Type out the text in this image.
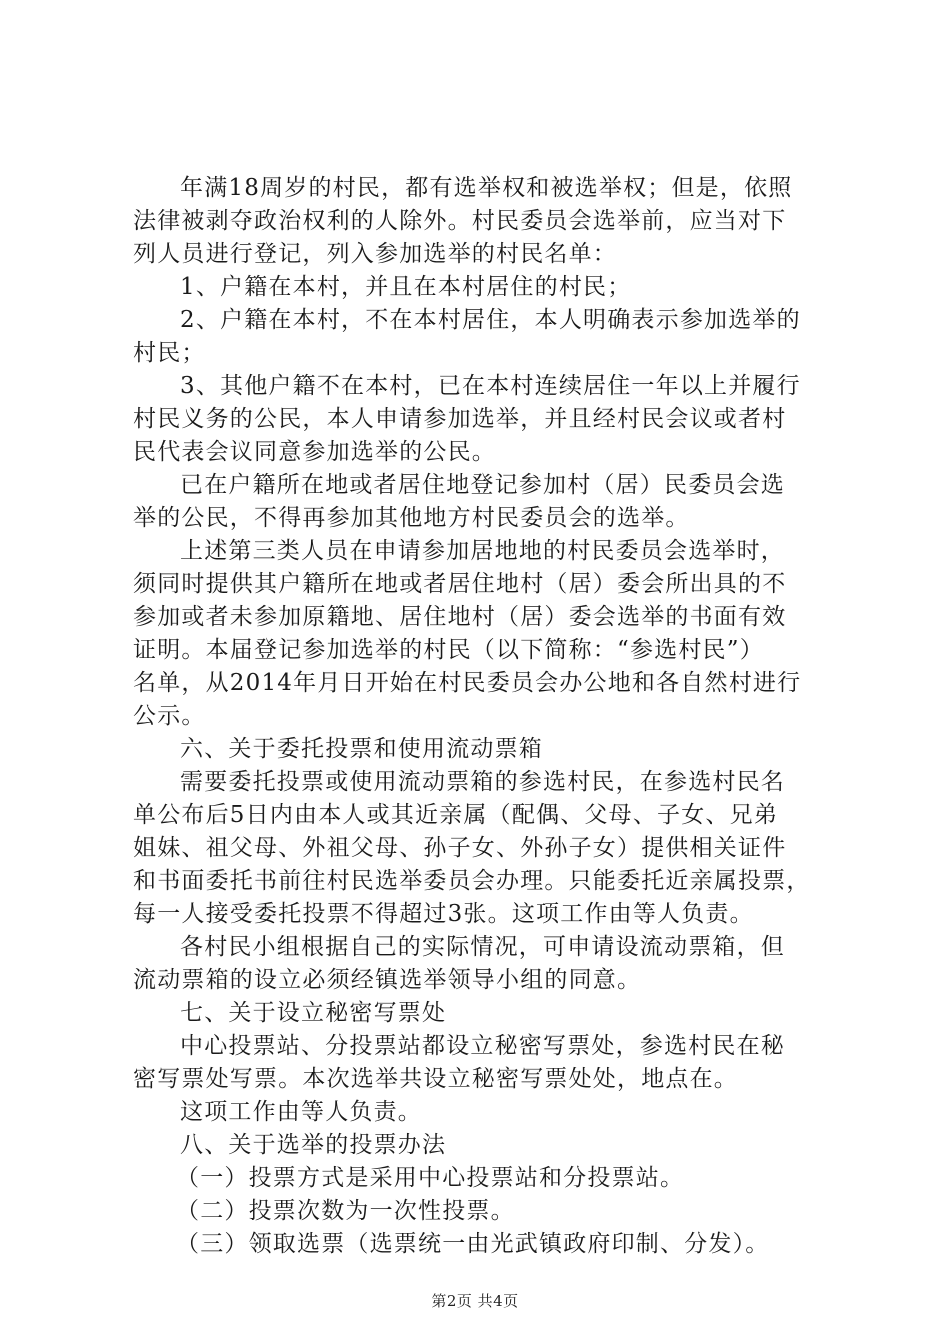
年满18周岁的村民，都有选举权和被选举权；但是，依照
法律被剥夺政治权利的人除外。村民委员会选举前，应当对下
列人员进行登记，列入参加选举的村民名单：
1、户籍在本村，并且在本村居住的村民；
2、户籍在本村，不在本村居住，本人明确表示参加选举的
村民；
3、其他户籍不在本村，已在本村连续居住一年以上并履行
村民义务的公民，本人申请参加选举，并且经村民会议或者村
民代表会议同意参加选举的公民。
已在户籍所在地或者居住地登记参加村（居）民委员会选
举的公民，不得再参加其他地方村民委员会的选举。
上述第三类人员在申请参加居地地的村民委员会选举时，
须同时提供其户籍所在地或者居住地村（居）委会所出具的不
参加或者未参加原籍地、居住地村（居）委会选举的书面有效
证明。本届登记参加选举的村民（以下简称：“参选村民”）
名单，从2014年月日开始在村民委员会办公地和各自然村进行
公示。
六、关于委托投票和使用流动票箱
需要委托投票或使用流动票箱的参选村民，在参选村民名
单公布后5日内由本人或其近亲属（配偶、父母、子女、兄弟
姐妹、祖父母、外祖父母、孙子女、外孙子女）提供相关证件
和书面委托书前往村民选举委员会办理。只能委托近亲属投票，
每一人接受委托投票不得超过3张。这项工作由等人负责。
各村民小组根据自己的实际情况，可申请设流动票箱，但
流动票箱的设立必须经镇选举领导小组的同意。
七、关于设立秘密写票处
中心投票站、分投票站都设立秘密写票处，参选村民在秘
密写票处写票。本次选举共设立秘密写票处处，地点在。
这项工作由等人负责。
八、关于选举的投票办法
（一）投票方式是采用中心投票站和分投票站。
（二）投票次数为一次性投票。
（三）领取选票（选票统一由光武镇政府印制、分发）。
第2页 共4页
